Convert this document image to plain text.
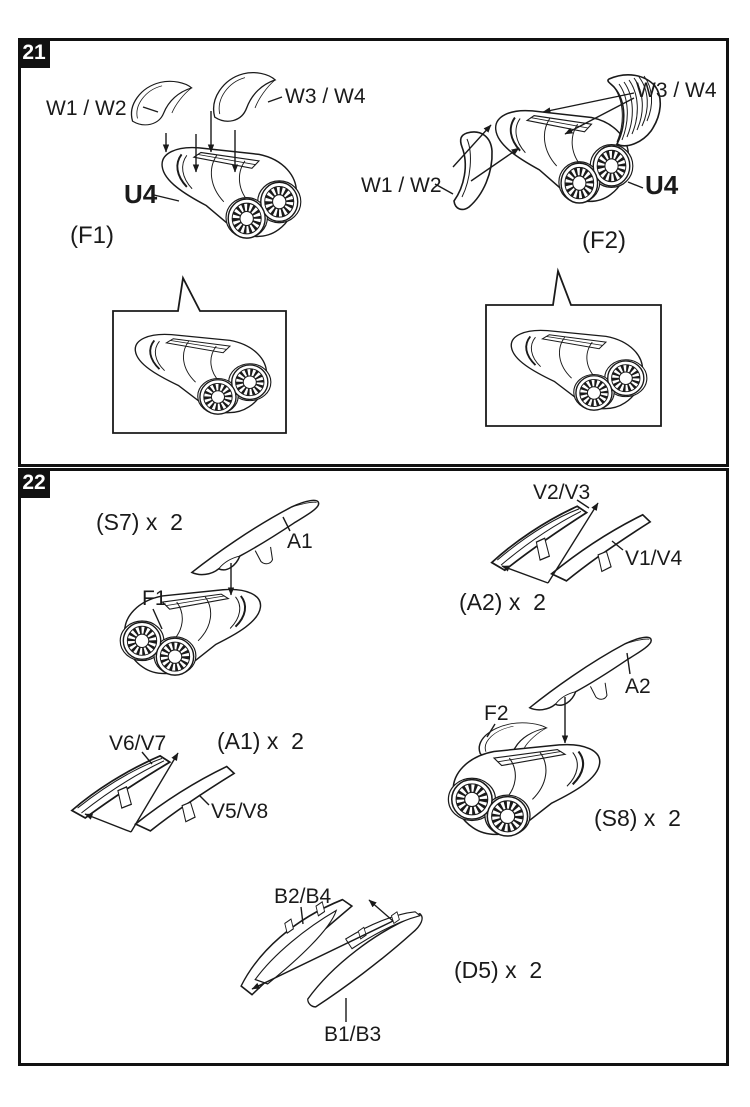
21
W1 / W2
W3 / W4
U4
(F1)
W3 / W4
W1 / W2	U4
(F2)
22
(S7) x  2
A1
F1
V2/V3
V1/V4
(A2) x  2
A2
F2
(S8) x  2
V6/V7 (A1) x  2
V5/V8
B2/B4
(D5) x  2
B1/B3
